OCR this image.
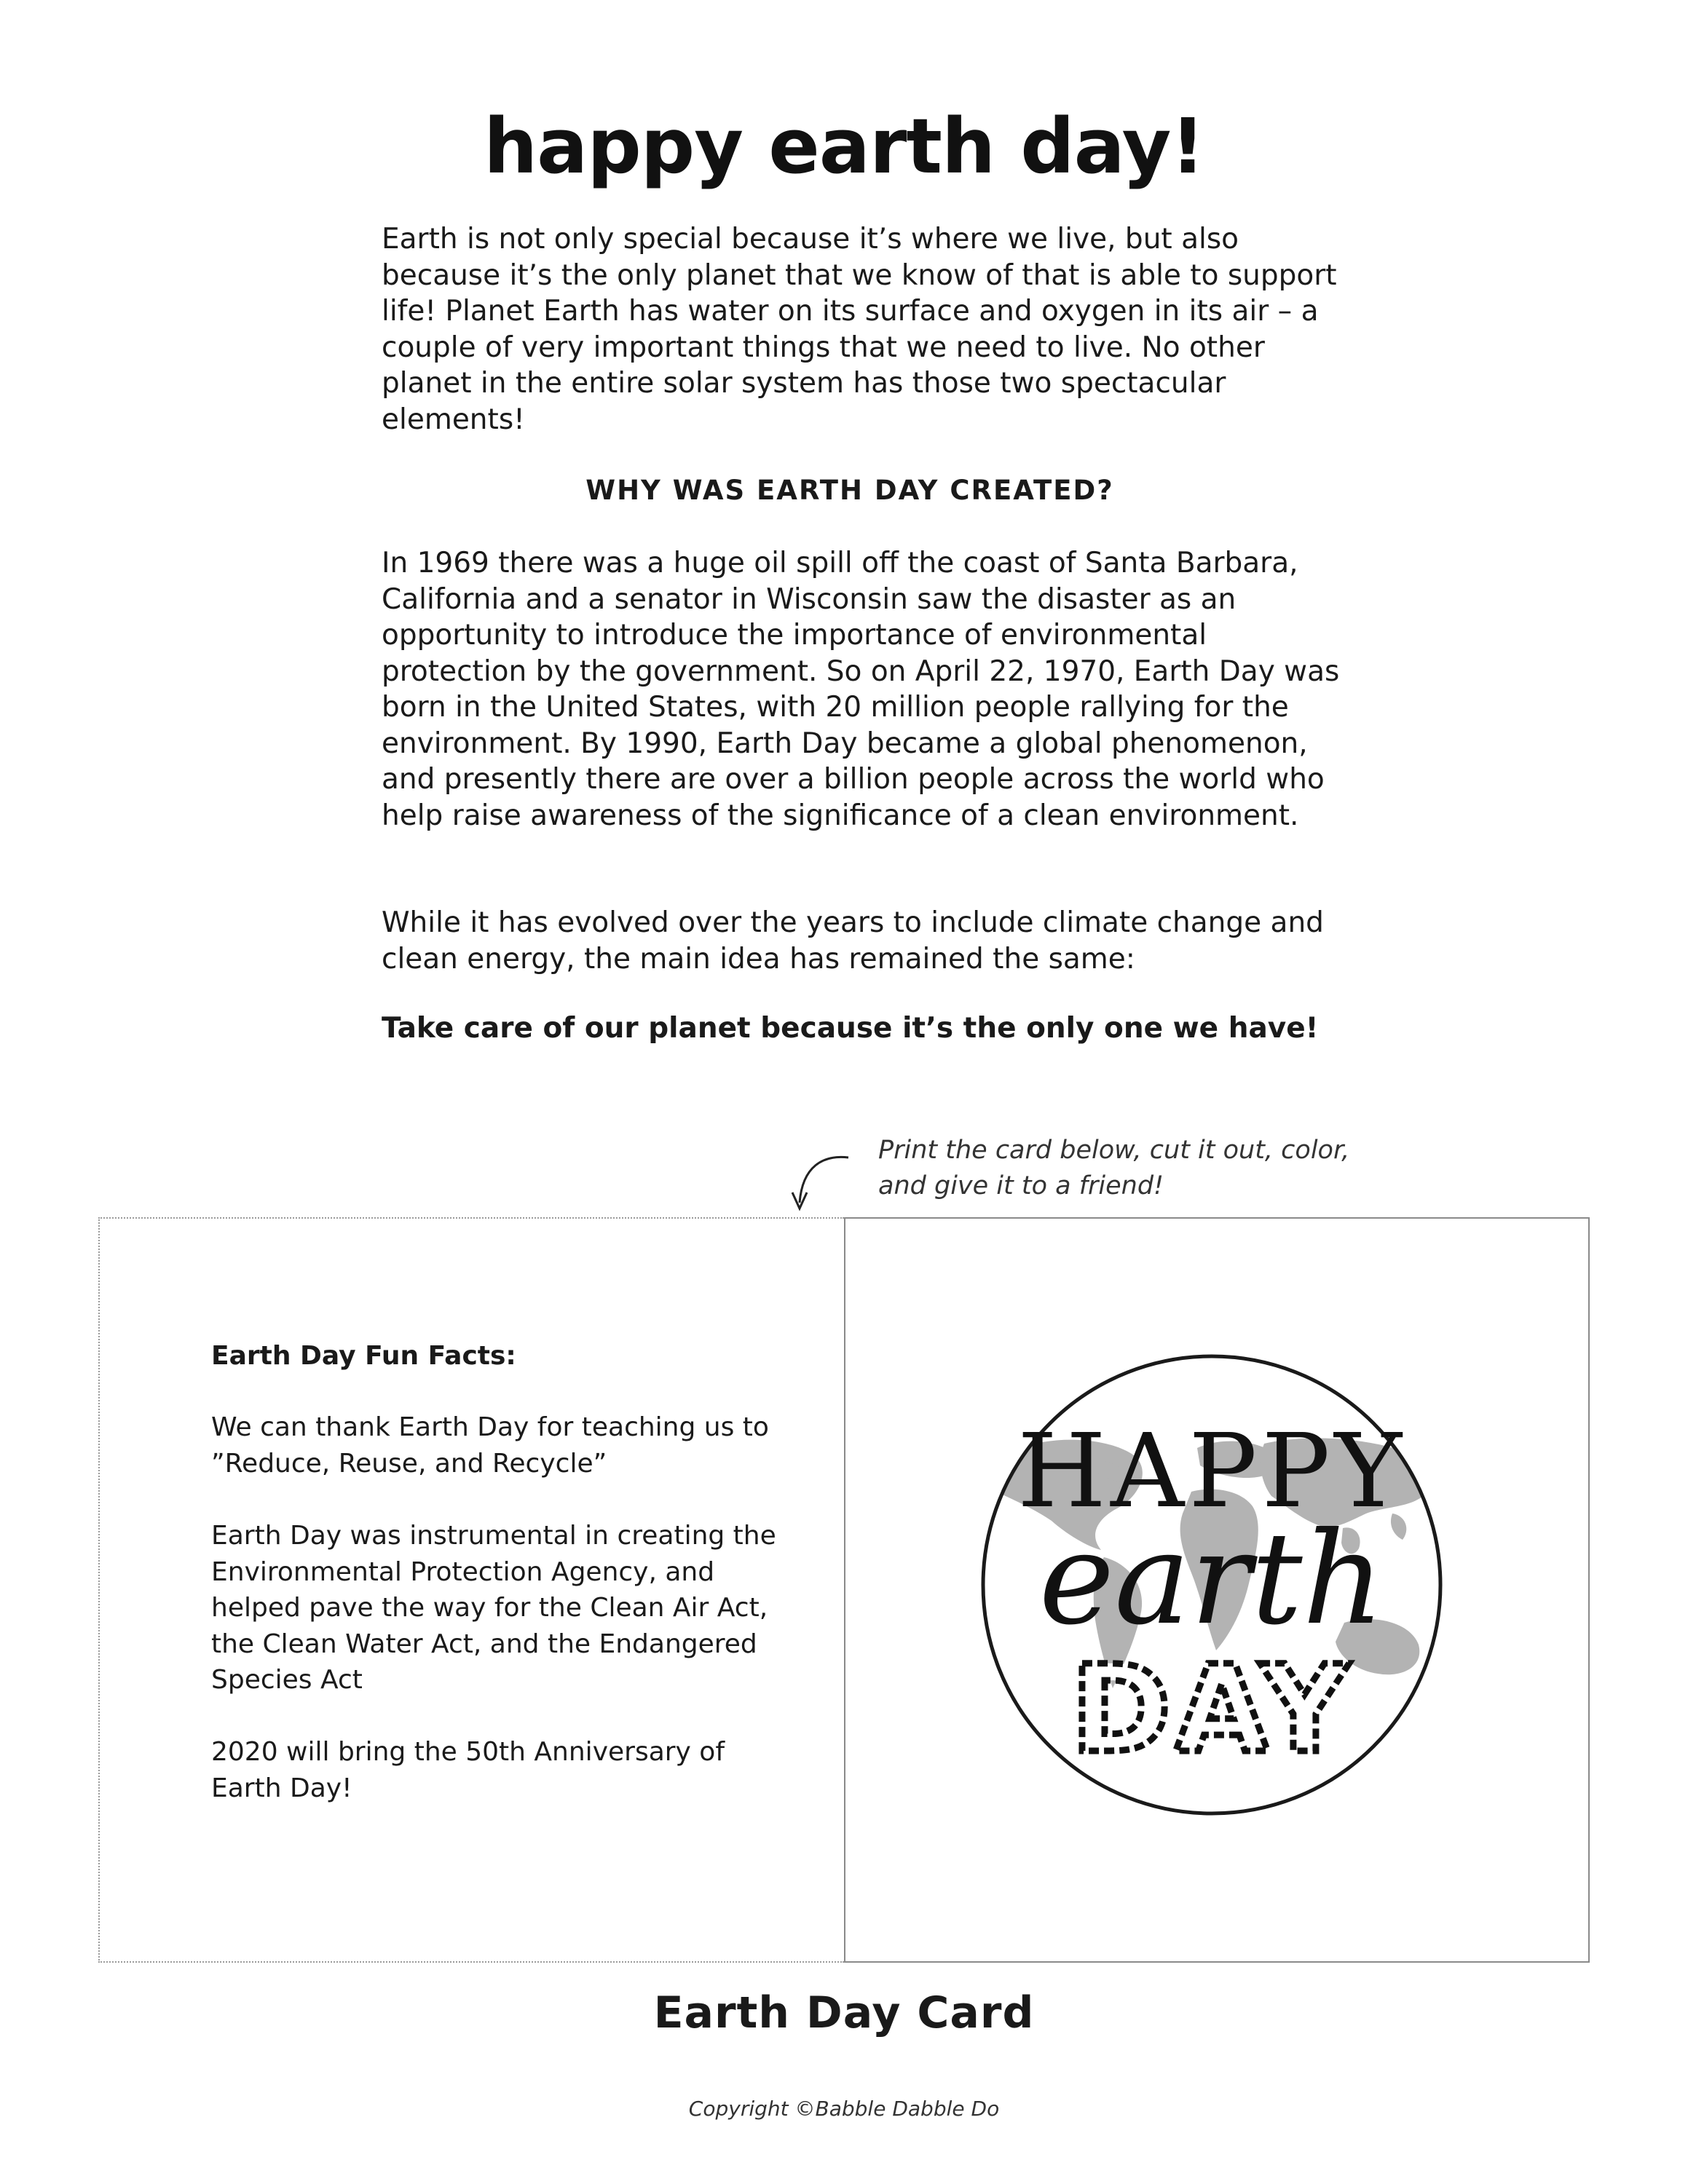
happy earth day!

Earth is not only special because it’s where we live, but also because it’s the only planet that we know of that is able to support life! Planet Earth has water on its surface and oxygen in its air – a couple of very important things that we need to live. No other planet in the entire solar system has those two spectacular elements!

WHY WAS EARTH DAY CREATED?

In 1969 there was a huge oil spill off the coast of Santa Barbara, California and a senator in Wisconsin saw the disaster as an opportunity to introduce the importance of environmental protection by the government. So on April 22, 1970, Earth Day was born in the United States, with 20 million people rallying for the environment. By 1990, Earth Day became a global phenomenon, and presently there are over a billion people across the world who help raise awareness of the significance of a clean environment.

While it has evolved over the years to include climate change and clean energy, the main idea has remained the same:

Take care of our planet because it’s the only one we have!

Print the card below, cut it out, color, and give it to a friend!

Earth Day Fun Facts:

We can thank Earth Day for teaching us to ”Reduce, Reuse, and Recycle”

Earth Day was instrumental in creating the Environmental Protection Agency, and helped pave the way for the Clean Air Act, the Clean Water Act, and the Endangered Species Act

2020 will bring the 50th Anniversary of Earth Day!

HAPPY
earth
DAY

Earth Day Card

Copyright ©Babble Dabble Do
